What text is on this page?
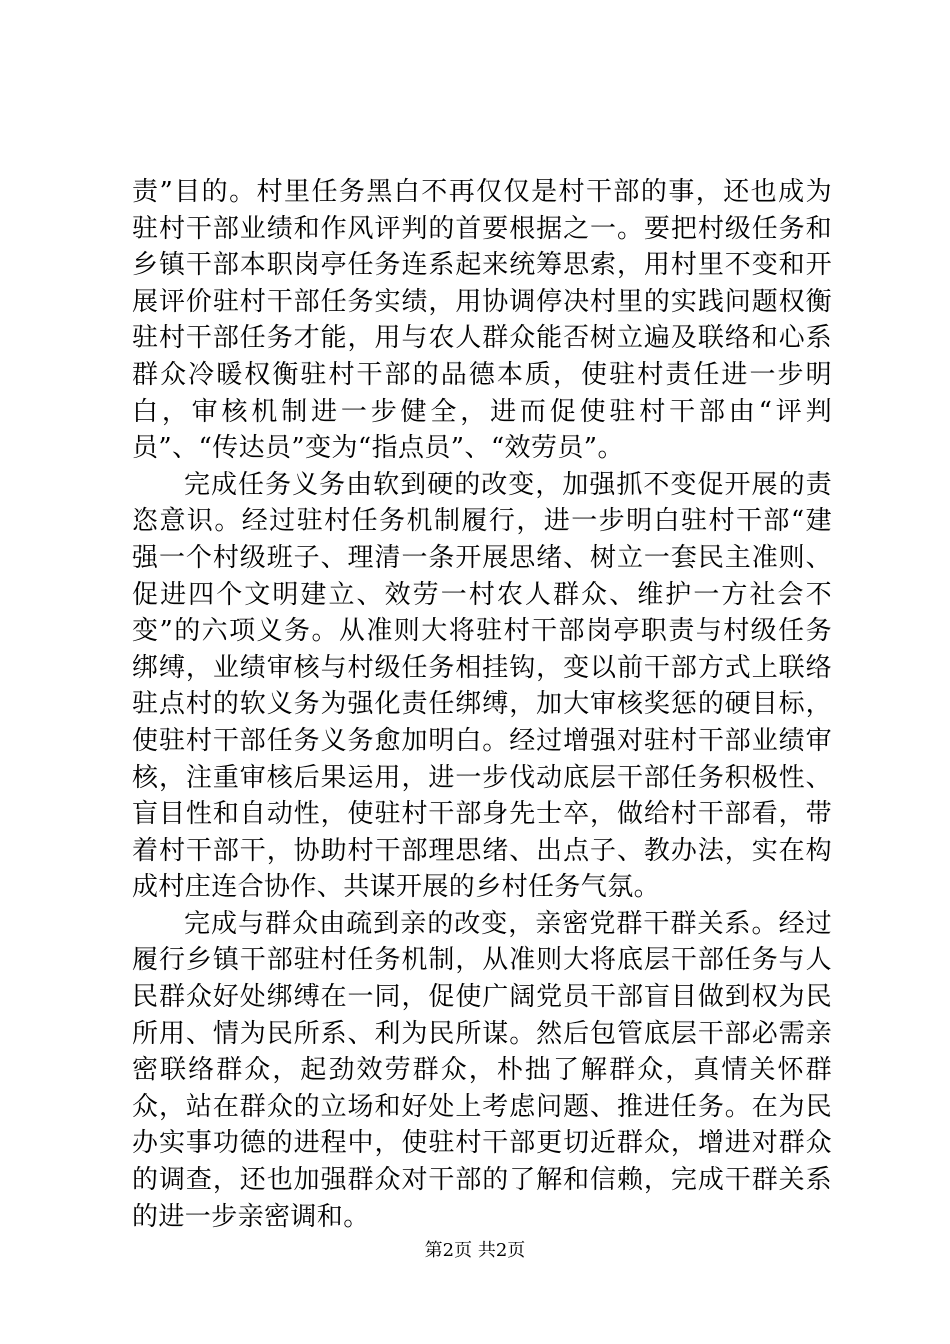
责”目的。村里任务黑白不再仅仅是村干部的事，还也成为驻村干部业绩和作风评判的首要根据之一。要把村级任务和乡镇干部本职岗亭任务连系起来统筹思索，用村里不变和开展评价驻村干部任务实绩，用协调停决村里的实践问题权衡驻村干部任务才能，用与农人群众能否树立遍及联络和心系群众冷暖权衡驻村干部的品德本质，使驻村责任进一步明白，审核机制进一步健全，进而促使驻村干部由“评判员”、“传达员”变为“指点员”、“效劳员”。

完成任务义务由软到硬的改变，加强抓不变促开展的责恣意识。经过驻村任务机制履行，进一步明白驻村干部“建强一个村级班子、理清一条开展思绪、树立一套民主准则、促进四个文明建立、效劳一村农人群众、维护一方社会不变”的六项义务。从准则大将驻村干部岗亭职责与村级任务绑缚，业绩审核与村级任务相挂钩，变以前干部方式上联络驻点村的软义务为强化责任绑缚，加大审核奖惩的硬目标，使驻村干部任务义务愈加明白。经过增强对驻村干部业绩审核，注重审核后果运用，进一步伐动底层干部任务积极性、盲目性和自动性，使驻村干部身先士卒，做给村干部看，带着村干部干，协助村干部理思绪、出点子、教办法，实在构成村庄连合协作、共谋开展的乡村任务气氛。

完成与群众由疏到亲的改变，亲密党群干群关系。经过履行乡镇干部驻村任务机制，从准则大将底层干部任务与人民群众好处绑缚在一同，促使广阔党员干部盲目做到权为民所用、情为民所系、利为民所谋。然后包管底层干部必需亲密联络群众，起劲效劳群众，朴拙了解群众，真情关怀群众，站在群众的立场和好处上考虑问题、推进任务。在为民办实事功德的进程中，使驻村干部更切近群众，增进对群众的调查，还也加强群众对干部的了解和信赖，完成干群关系的进一步亲密调和。

第2页 共2页
